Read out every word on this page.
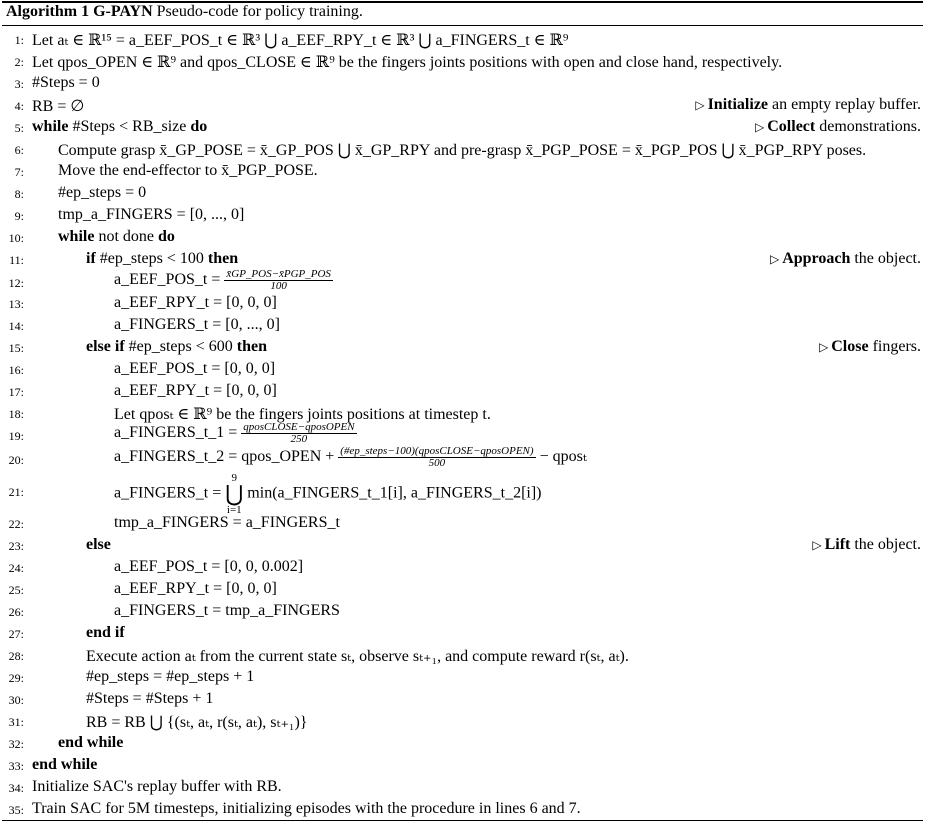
Algorithm 1 G-PAYN Pseudo-code for policy training.
1: Let aₜ ∈ ℝ¹⁵ = a_EEF_POS_t ∈ ℝ³ ⋃ a_EEF_RPY_t ∈ ℝ³ ⋃ a_FINGERS_t ∈ ℝ⁹
2: Let qpos_OPEN ∈ ℝ⁹ and qpos_CLOSE ∈ ℝ⁹ be the fingers joints positions with open and close hand, respectively.
3: #Steps = 0
4: RB = ∅	▷ Initialize an empty replay buffer.
5: while #Steps < RB_size do	▷ Collect demonstrations.
6: Compute grasp x̄_GP_POSE = x̄_GP_POS ⋃ x̄_GP_RPY and pre-grasp x̄_PGP_POSE = x̄_PGP_POS ⋃ x̄_PGP_RPY poses.
7: Move the end-effector to x̄_PGP_POSE.
8: #ep_steps = 0
9: tmp_a_FINGERS = [0, ..., 0]
10: while not done do
11:	if #ep_steps < 100 then	▷ Approach the object.
12:	a_EEF_POS_t = $\frac{\text{x̄GP\_POS−x̄PGP\_POS}}{100}$
13:	a_EEF_RPY_t = [0, 0, 0]
14:	a_FINGERS_t = [0, ..., 0]
15:	else if #ep_steps < 600 then	▷ Close fingers.
16:	a_EEF_POS_t = [0, 0, 0]
17:	a_EEF_RPY_t = [0, 0, 0]
18:	Let qposₜ ∈ ℝ⁹ be the fingers joints positions at timestep t.
19:	a_FINGERS_t_1 = $\frac{\text{qposCLOSE−qposOPEN}}{250}$
20:	a_FINGERS_t_2 = qpos_OPEN + $\frac{\text{(\#ep\_steps−100)(qposCLOSE−qposOPEN)}}{500}$ − qposₜ
21:	a_FINGERS_t =
9
⋃
i=1
min(a_FINGERS_t_1[i], a_FINGERS_t_2[i])
22:	tmp_a_FINGERS = a_FINGERS_t
23:	else	▷ Lift the object.
24:	a_EEF_POS_t = [0, 0, 0.002]
25:	a_EEF_RPY_t = [0, 0, 0]
26:	a_FINGERS_t = tmp_a_FINGERS
27:	end if
28:	Execute action aₜ from the current state sₜ, observe sₜ₊₁, and compute reward r(sₜ, aₜ).
29:	#ep_steps = #ep_steps + 1
30:	#Steps = #Steps + 1
31:	RB = RB ⋃ {(sₜ, aₜ, r(sₜ, aₜ), sₜ₊₁)}
32: end while
33: end while
34: Initialize SAC's replay buffer with RB.
35: Train SAC for 5M timesteps, initializing episodes with the procedure in lines 6 and 7.
